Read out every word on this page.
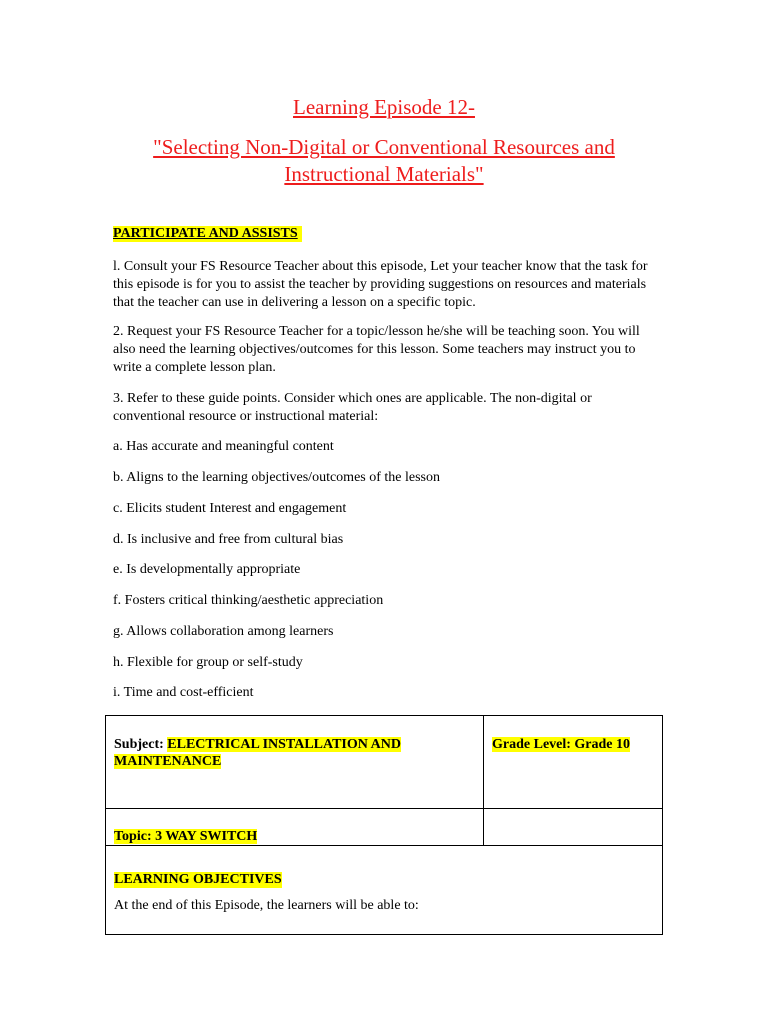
Learning Episode 12-
"Selecting Non-Digital or Conventional Resources and
Instructional Materials"
PARTICIPATE AND ASSISTS

l. Consult your FS Resource Teacher about this episode, Let your teacher know that the task for this episode is for you to assist the teacher by providing suggestions on resources and materials that the teacher can use in delivering a lesson on a specific topic.

2. Request your FS Resource Teacher for a topic/lesson he/she will be teaching soon. You will also need the learning objectives/outcomes for this lesson. Some teachers may instruct you to write a complete lesson plan.

3. Refer to these guide points. Consider which ones are applicable. The non-digital or conventional resource or instructional material:

a. Has accurate and meaningful content

b. Aligns to the learning objectives/outcomes of the lesson

c. Elicits student Interest and engagement

d. Is inclusive and free from cultural bias

e. Is developmentally appropriate

f. Fosters critical thinking/aesthetic appreciation

g. Allows collaboration among learners

h. Flexible for group or self-study

i. Time and cost-efficient

Subject: ELECTRICAL INSTALLATION AND MAINTENANCE	Grade Level: Grade 10
Topic: 3 WAY SWITCH	
LEARNING OBJECTIVES
At the end of this Episode, the learners will be able to:	
